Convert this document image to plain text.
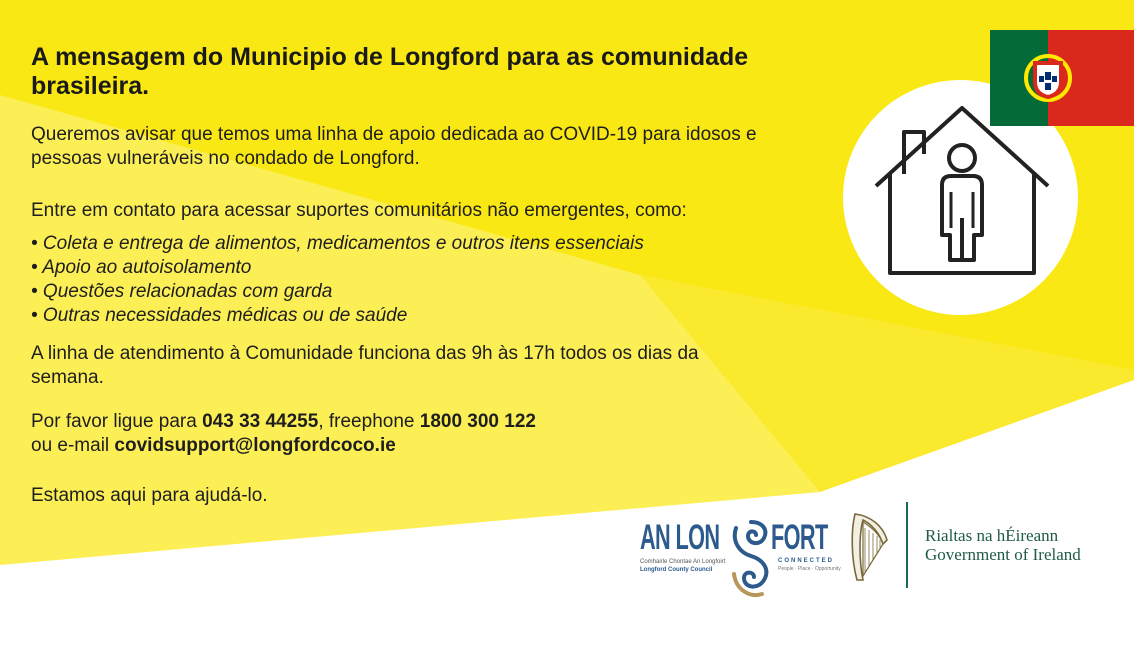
A mensagem do Municipio de Longford para as comunidade brasileira.
Queremos avisar que temos uma linha de apoio dedicada ao COVID-19 para idosos e pessoas vulneráveis no condado de Longford.
Entre em contato para acessar suportes comunitários não emergentes, como:
• Coleta e entrega de alimentos, medicamentos e outros itens essenciais
• Apoio ao autoisolamento
• Questões relacionadas com garda
• Outras necessidades médicas ou de saúde
A linha de atendimento à Comunidade funciona das 9h às 17h todos os dias da semana.
Por favor ligue para 043 33 44255, freephone 1800 300 122
ou e-mail covidsupport@longfordcoco.ie
Estamos aqui para ajudá-lo.
AN LON FORT
Comhairle Chontae An Longfoirt
Longford County Council
CONNECTED
People · Place · Opportunity
Rialtas na hÉireann
Government of Ireland
